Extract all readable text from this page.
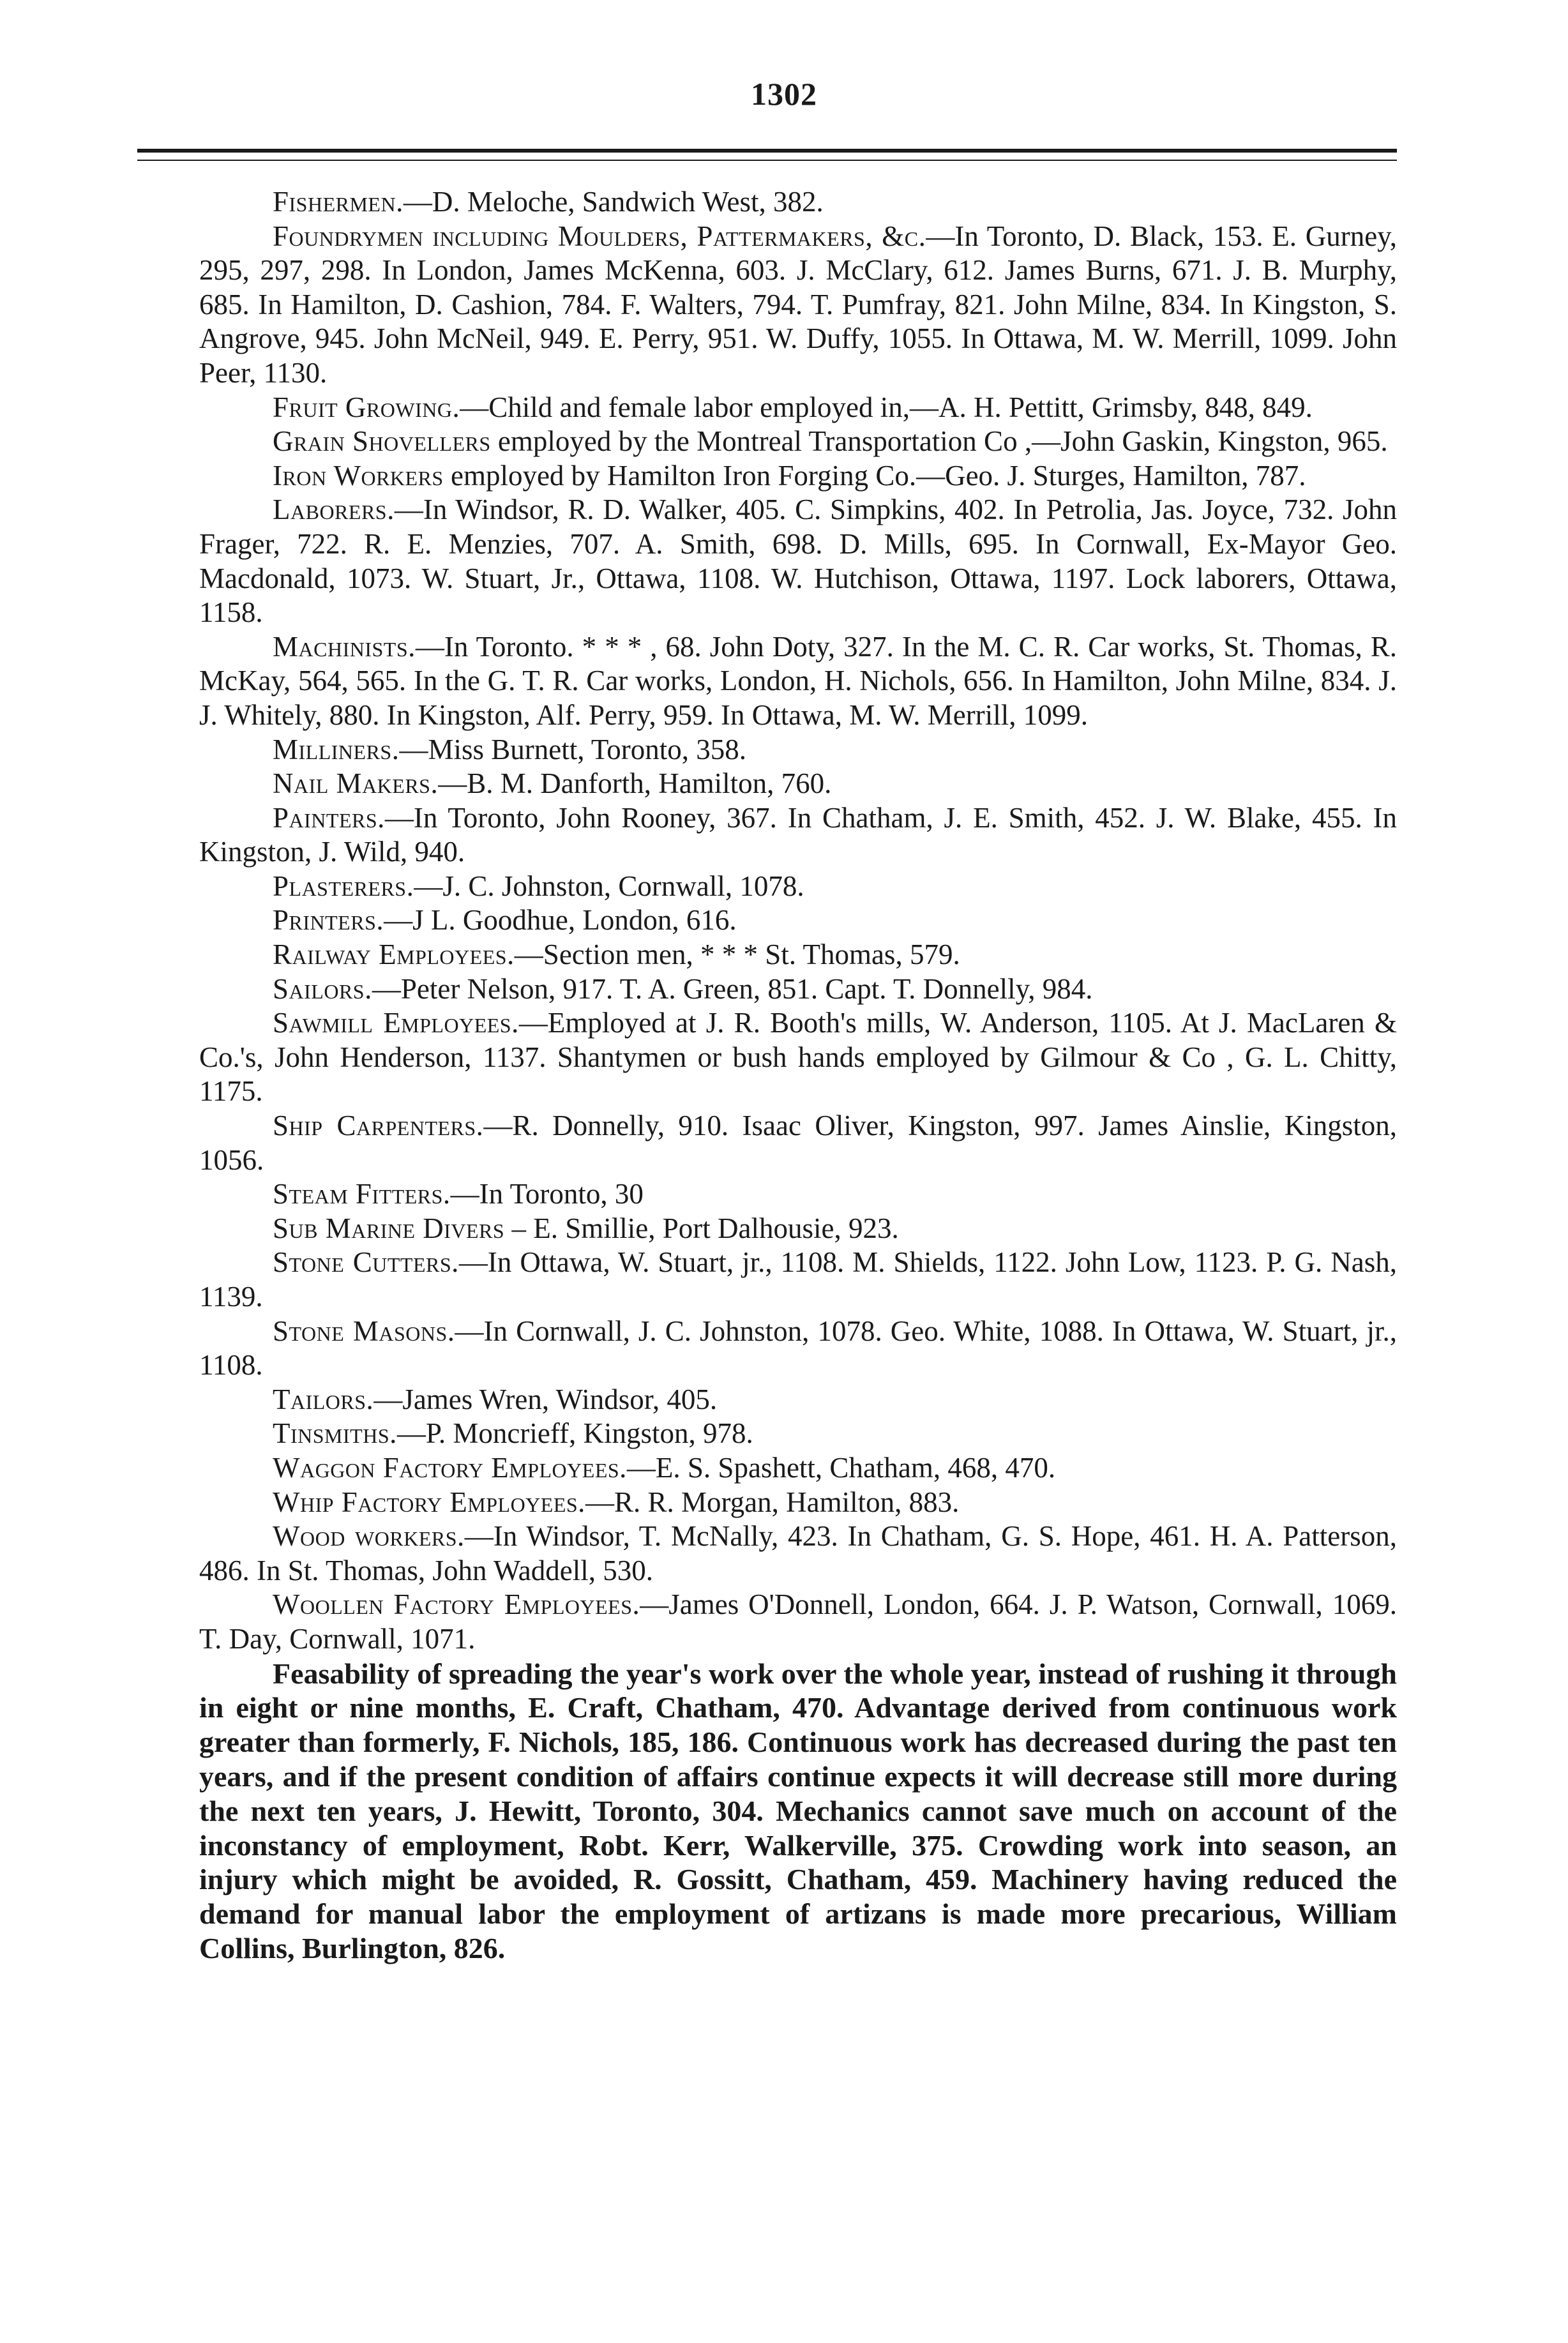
1302

Fishermen.—D. Meloche, Sandwich West, 382.

Foundrymen including Moulders, Pattermakers, &c.—In Toronto, D. Black, 153. E. Gurney, 295, 297, 298. In London, James McKenna, 603. J. McClary, 612. James Burns, 671. J. B. Murphy, 685. In Hamilton, D. Cashion, 784. F. Walters, 794. T. Pumfray, 821. John Milne, 834. In Kingston, S. Angrove, 945. John McNeil, 949. E. Perry, 951. W. Duffy, 1055. In Ottawa, M. W. Merrill, 1099. John Peer, 1130.

Fruit Growing.—Child and female labor employed in,—A. H. Pettitt, Grimsby, 848, 849.

Grain Shovellers employed by the Montreal Transportation Co ,—John Gaskin, Kingston, 965.

Iron Workers employed by Hamilton Iron Forging Co.—Geo. J. Sturges, Hamilton, 787.

Laborers.—In Windsor, R. D. Walker, 405. C. Simpkins, 402. In Petrolia, Jas. Joyce, 732. John Frager, 722. R. E. Menzies, 707. A. Smith, 698. D. Mills, 695. In Cornwall, Ex-Mayor Geo. Macdonald, 1073. W. Stuart, Jr., Ottawa, 1108. W. Hutchison, Ottawa, 1197. Lock laborers, Ottawa, 1158.

Machinists.—In Toronto. * * * , 68. John Doty, 327. In the M. C. R. Car works, St. Thomas, R. McKay, 564, 565. In the G. T. R. Car works, London, H. Nichols, 656. In Hamilton, John Milne, 834. J. J. Whitely, 880. In Kingston, Alf. Perry, 959. In Ottawa, M. W. Merrill, 1099.

Milliners.—Miss Burnett, Toronto, 358.

Nail Makers.—B. M. Danforth, Hamilton, 760.

Painters.—In Toronto, John Rooney, 367. In Chatham, J. E. Smith, 452. J. W. Blake, 455. In Kingston, J. Wild, 940.

Plasterers.—J. C. Johnston, Cornwall, 1078.

Printers.—J L. Goodhue, London, 616.

Railway Employees.—Section men, * * * St. Thomas, 579.

Sailors.—Peter Nelson, 917. T. A. Green, 851. Capt. T. Donnelly, 984.

Sawmill Employees.—Employed at J. R. Booth's mills, W. Anderson, 1105. At J. MacLaren & Co.'s, John Henderson, 1137. Shantymen or bush hands employed by Gilmour & Co , G. L. Chitty, 1175.

Ship Carpenters.—R. Donnelly, 910. Isaac Oliver, Kingston, 997. James Ainslie, Kingston, 1056.

Steam Fitters.—In Toronto, 30

Sub Marine Divers – E. Smillie, Port Dalhousie, 923.

Stone Cutters.—In Ottawa, W. Stuart, jr., 1108. M. Shields, 1122. John Low, 1123. P. G. Nash, 1139.

Stone Masons.—In Cornwall, J. C. Johnston, 1078. Geo. White, 1088. In Ottawa, W. Stuart, jr., 1108.

Tailors.—James Wren, Windsor, 405.

Tinsmiths.—P. Moncrieff, Kingston, 978.

Waggon Factory Employees.—E. S. Spashett, Chatham, 468, 470.

Whip Factory Employees.—R. R. Morgan, Hamilton, 883.

Wood workers.—In Windsor, T. McNally, 423. In Chatham, G. S. Hope, 461. H. A. Patterson, 486. In St. Thomas, John Waddell, 530.

Woollen Factory Employees.—James O'Donnell, London, 664. J. P. Watson, Cornwall, 1069. T. Day, Cornwall, 1071.

Feasability of spreading the year's work over the whole year, instead of rushing it through in eight or nine months, E. Craft, Chatham, 470. Advantage derived from continuous work greater than formerly, F. Nichols, 185, 186. Continuous work has decreased during the past ten years, and if the present condition of affairs continue expects it will decrease still more during the next ten years, J. Hewitt, Toronto, 304. Mechanics cannot save much on account of the inconstancy of employment, Robt. Kerr, Walkerville, 375. Crowding work into season, an injury which might be avoided, R. Gossitt, Chatham, 459. Machinery having reduced the demand for manual labor the employment of artizans is made more precarious, William Collins, Burlington, 826.
